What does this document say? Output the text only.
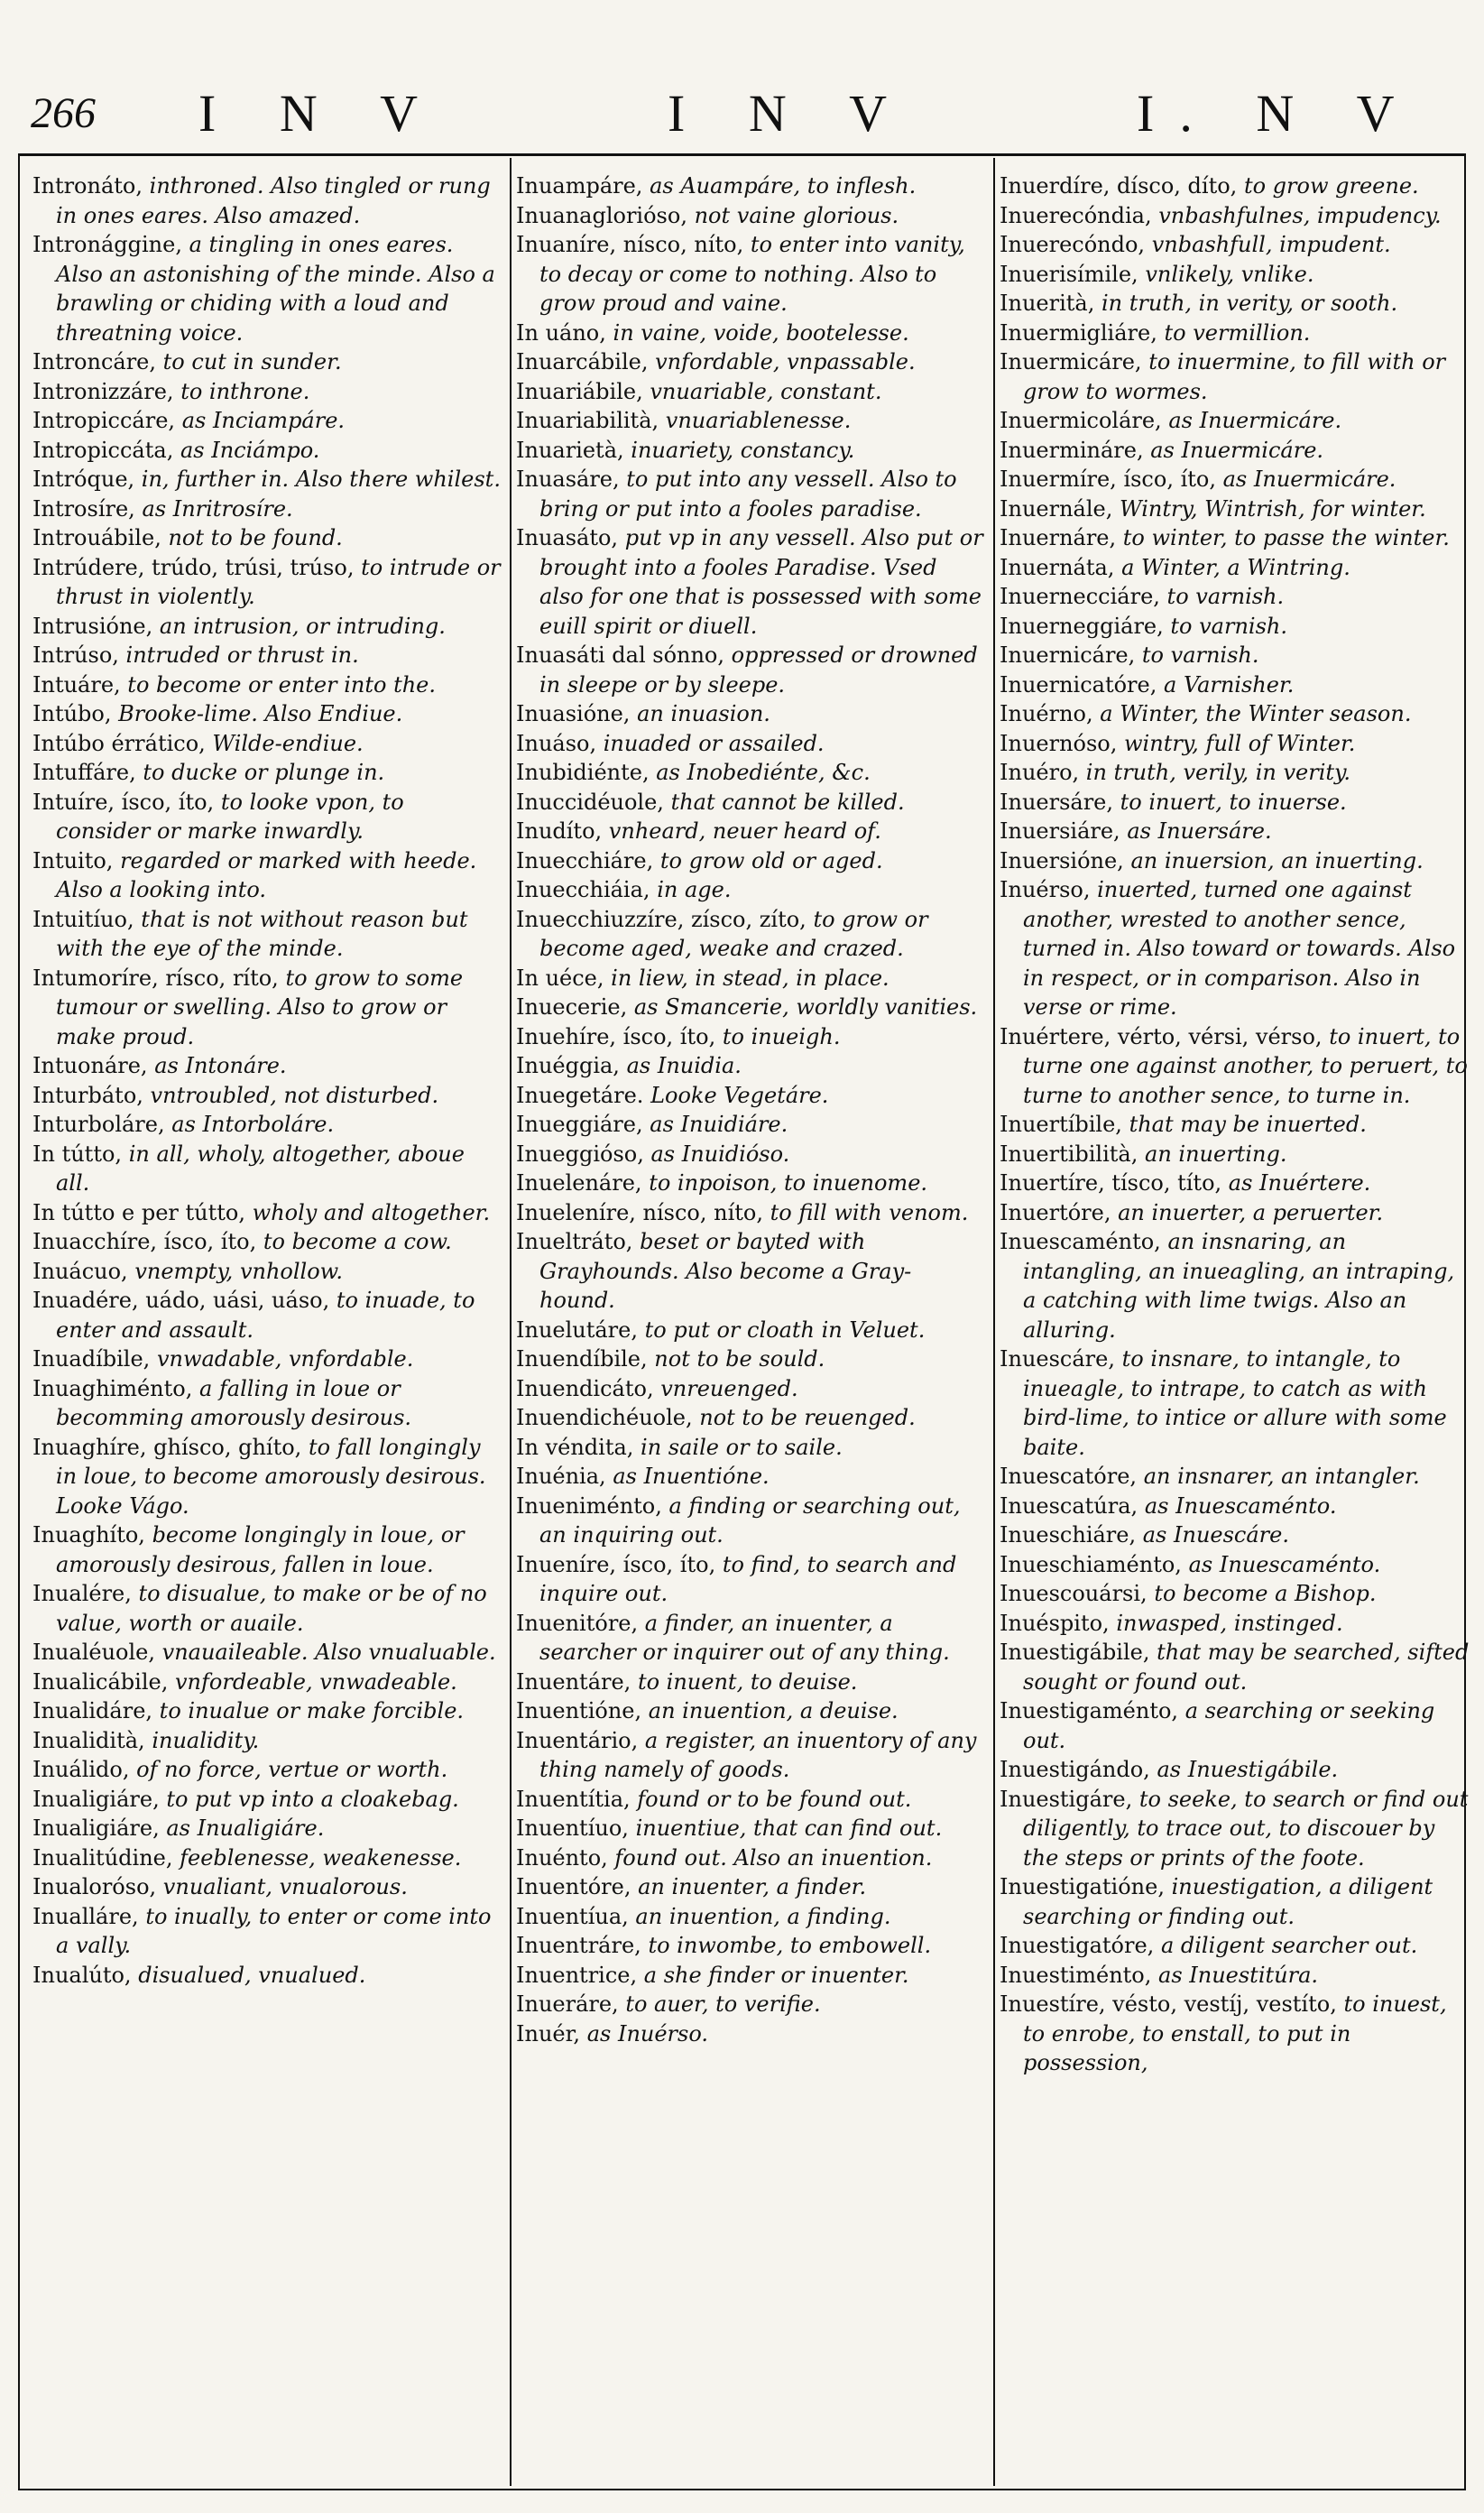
266 I N V	I N V	I. N V

Intronáto, inthroned. Also tingled or rung in ones eares. Also amazed.

Intronággine, a tingling in ones eares. Also an astonishing of the minde. Also a brawling or chiding with a loud and threatning voice.

Introncáre, to cut in sunder.

Intronizzáre, to inthrone.

Intropiccáre, as Inciampáre.

Intropiccáta, as Inciámpo.

Intróque, in, further in. Also there whilest.

Introsíre, as Inritrosíre.

Introuábile, not to be found.

Intrúdere, trúdo, trúsi, trúso, to intrude or thrust in violently.

Intrusióne, an intrusion, or intruding.

Intrúso, intruded or thrust in.

Intuáre, to become or enter into the.

Intúbo, Brooke-lime. Also Endiue.

Intúbo érrático, Wilde-endiue.

Intuffáre, to ducke or plunge in.

Intuíre, ísco, íto, to looke vpon, to consider or marke inwardly.

Intuito, regarded or marked with heede. Also a looking into.

Intuitíuo, that is not without reason but with the eye of the minde.

Intumoríre, rísco, ríto, to grow to some tumour or swelling. Also to grow or make proud.

Intuonáre, as Intonáre.

Inturbáto, vntroubled, not disturbed.

Inturboláre, as Intorboláre.

In tútto, in all, wholy, altogether, aboue all.

In tútto e per tútto, wholy and altogether.

Inuacchíre, ísco, íto, to become a cow.

Inuácuo, vnempty, vnhollow.

Inuadére, uádo, uási, uáso, to inuade, to enter and assault.

Inuadíbile, vnwadable, vnfordable.

Inuaghiménto, a falling in loue or becomming amorously desirous.

Inuaghíre, ghísco, ghíto, to fall longingly in loue, to become amorously desirous. Looke Vágo.

Inuaghíto, become longingly in loue, or amorously desirous, fallen in loue.

Inualére, to disualue, to make or be of no value, worth or auaile.

Inualéuole, vnauaileable. Also vnualuable.

Inualicábile, vnfordeable, vnwadeable.

Inualidáre, to inualue or make forcible.

Inualidità, inualidity.

Inuálido, of no force, vertue or worth.

Inualigiáre, to put vp into a cloakebag.

Inualigiáre, as Inualigiáre.

Inualitúdine, feeblenesse, weakenesse.

Inualoróso, vnualiant, vnualorous.

Inualláre, to inually, to enter or come into a vally.

Inualúto, disualued, vnualued.

Inuampáre, as Auampáre, to inflesh.

Inuanaglorióso, not vaine glorious.

Inuaníre, nísco, níto, to enter into vanity, to decay or come to nothing. Also to grow proud and vaine.

In uáno, in vaine, voide, bootelesse.

Inuarcábile, vnfordable, vnpassable.

Inuariábile, vnuariable, constant.

Inuariabilità, vnuariablenesse.

Inuarietà, inuariety, constancy.

Inuasáre, to put into any vessell. Also to bring or put into a fooles paradise.

Inuasáto, put vp in any vessell. Also put or brought into a fooles Paradise. Vsed also for one that is possessed with some euill spirit or diuell.

Inuasáti dal sónno, oppressed or drowned in sleepe or by sleepe.

Inuasióne, an inuasion.

Inuáso, inuaded or assailed.

Inubidiénte, as Inobediénte, &c.

Inuccidéuole, that cannot be killed.

Inudíto, vnheard, neuer heard of.

Inuecchiáre, to grow old or aged.

Inuecchiáia, in age.

Inuecchiuzzíre, zísco, zíto, to grow or become aged, weake and crazed.

In uéce, in liew, in stead, in place.

Inuecerie, as Smancerie, worldly vanities.

Inuehíre, ísco, íto, to inueigh.

Inuéggia, as Inuidia.

Inuegetáre. Looke Vegetáre.

Inueggiáre, as Inuidiáre.

Inueggióso, as Inuidióso.

Inuelenáre, to inpoison, to inuenome.

Inueleníre, nísco, níto, to fill with venom.

Inueltráto, beset or bayted with Grayhounds. Also become a Gray-hound.

Inuelutáre, to put or cloath in Veluet.

Inuendíbile, not to be sould.

Inuendicáto, vnreuenged.

Inuendichéuole, not to be reuenged.

In véndita, in saile or to saile.

Inuénia, as Inuentióne.

Inueniménto, a finding or searching out, an inquiring out.

Inueníre, ísco, íto, to find, to search and inquire out.

Inuenitóre, a finder, an inuenter, a searcher or inquirer out of any thing.

Inuentáre, to inuent, to deuise.

Inuentióne, an inuention, a deuise.

Inuentário, a register, an inuentory of any thing namely of goods.

Inuentítia, found or to be found out.

Inuentíuo, inuentiue, that can find out.

Inuénto, found out. Also an inuention.

Inuentóre, an inuenter, a finder.

Inuentíua, an inuention, a finding.

Inuentráre, to inwombe, to embowell.

Inuentrice, a she finder or inuenter.

Inueráre, to auer, to verifie.

Inuér, as Inuérso.

Inuerdíre, dísco, díto, to grow greene.

Inuerecóndia, vnbashfulnes, impudency.

Inuerecóndo, vnbashfull, impudent.

Inuerisímile, vnlikely, vnlike.

Inuerità, in truth, in verity, or sooth.

Inuermigliáre, to vermillion.

Inuermicáre, to inuermine, to fill with or grow to wormes.

Inuermicoláre, as Inuermicáre.

Inuermináre, as Inuermicáre.

Inuermíre, ísco, íto, as Inuermicáre.

Inuernále, Wintry, Wintrish, for winter.

Inuernáre, to winter, to passe the winter.

Inuernáta, a Winter, a Wintring.

Inuernecciáre, to varnish.

Inuerneggiáre, to varnish.

Inuernicáre, to varnish.

Inuernicatóre, a Varnisher.

Inuérno, a Winter, the Winter season.

Inuernóso, wintry, full of Winter.

Inuéro, in truth, verily, in verity.

Inuersáre, to inuert, to inuerse.

Inuersiáre, as Inuersáre.

Inuersióne, an inuersion, an inuerting.

Inuérso, inuerted, turned one against another, wrested to another sence, turned in. Also toward or towards. Also in respect, or in comparison. Also in verse or rime.

Inuértere, vérto, vérsi, vérso, to inuert, to turne one against another, to peruert, to turne to another sence, to turne in.

Inuertíbile, that may be inuerted.

Inuertibilità, an inuerting.

Inuertíre, tísco, títo, as Inuértere.

Inuertóre, an inuerter, a peruerter.

Inuescaménto, an insnaring, an intangling, an inueagling, an intraping, a catching with lime twigs. Also an alluring.

Inuescáre, to insnare, to intangle, to inueagle, to intrape, to catch as with bird-lime, to intice or allure with some baite.

Inuescatóre, an insnarer, an intangler.

Inuescatúra, as Inuescaménto.

Inueschiáre, as Inuescáre.

Inueschiaménto, as Inuescaménto.

Inuescouársi, to become a Bishop.

Inuéspito, inwasped, instinged.

Inuestigábile, that may be searched, sifted sought or found out.

Inuestigaménto, a searching or seeking out.

Inuestigándo, as Inuestigábile.

Inuestigáre, to seeke, to search or find out diligently, to trace out, to discouer by the steps or prints of the foote.

Inuestigatióne, inuestigation, a diligent searching or finding out.

Inuestigatóre, a diligent searcher out.

Inuestiménto, as Inuestitúra.

Inuestíre, vésto, vestíj, vestíto, to inuest, to enrobe, to enstall, to put in possession,
